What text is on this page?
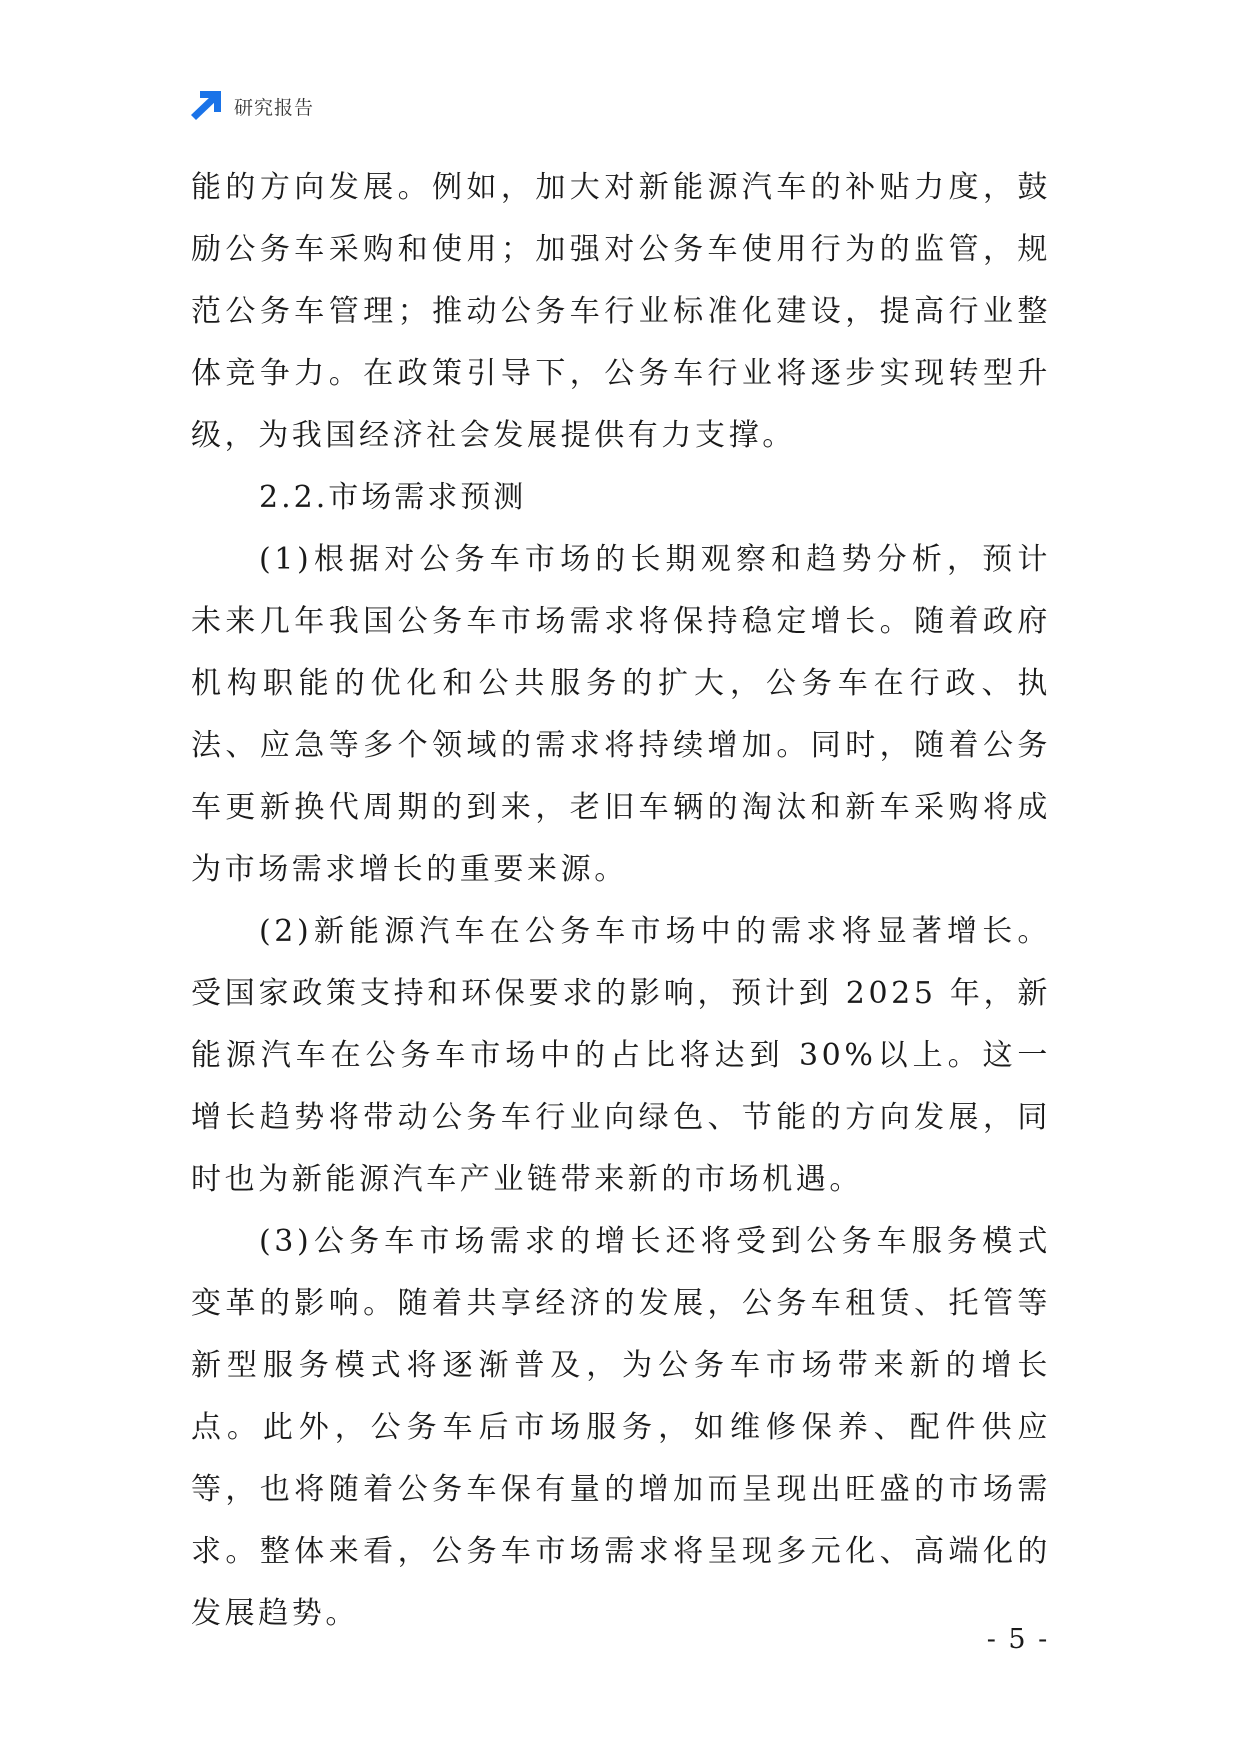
研究报告

能的方向发展。例如，加大对新能源汽车的补贴力度，鼓励公务车采购和使用；加强对公务车使用行为的监管，规范公务车管理；推动公务车行业标准化建设，提高行业整体竞争力。在政策引导下，公务车行业将逐步实现转型升级，为我国经济社会发展提供有力支撑。

2.2.市场需求预测

(1)根据对公务车市场的长期观察和趋势分析，预计未来几年我国公务车市场需求将保持稳定增长。随着政府机构职能的优化和公共服务的扩大，公务车在行政、执法、应急等多个领域的需求将持续增加。同时，随着公务车更新换代周期的到来，老旧车辆的淘汰和新车采购将成为市场需求增长的重要来源。

(2)新能源汽车在公务车市场中的需求将显著增长。受国家政策支持和环保要求的影响，预计到 2025 年，新能源汽车在公务车市场中的占比将达到 30%以上。这一增长趋势将带动公务车行业向绿色、节能的方向发展，同时也为新能源汽车产业链带来新的市场机遇。

(3)公务车市场需求的增长还将受到公务车服务模式变革的影响。随着共享经济的发展，公务车租赁、托管等新型服务模式将逐渐普及，为公务车市场带来新的增长点。此外，公务车后市场服务，如维修保养、配件供应等，也将随着公务车保有量的增加而呈现出旺盛的市场需求。整体来看，公务车市场需求将呈现多元化、高端化的发展趋势。

- 5 -
